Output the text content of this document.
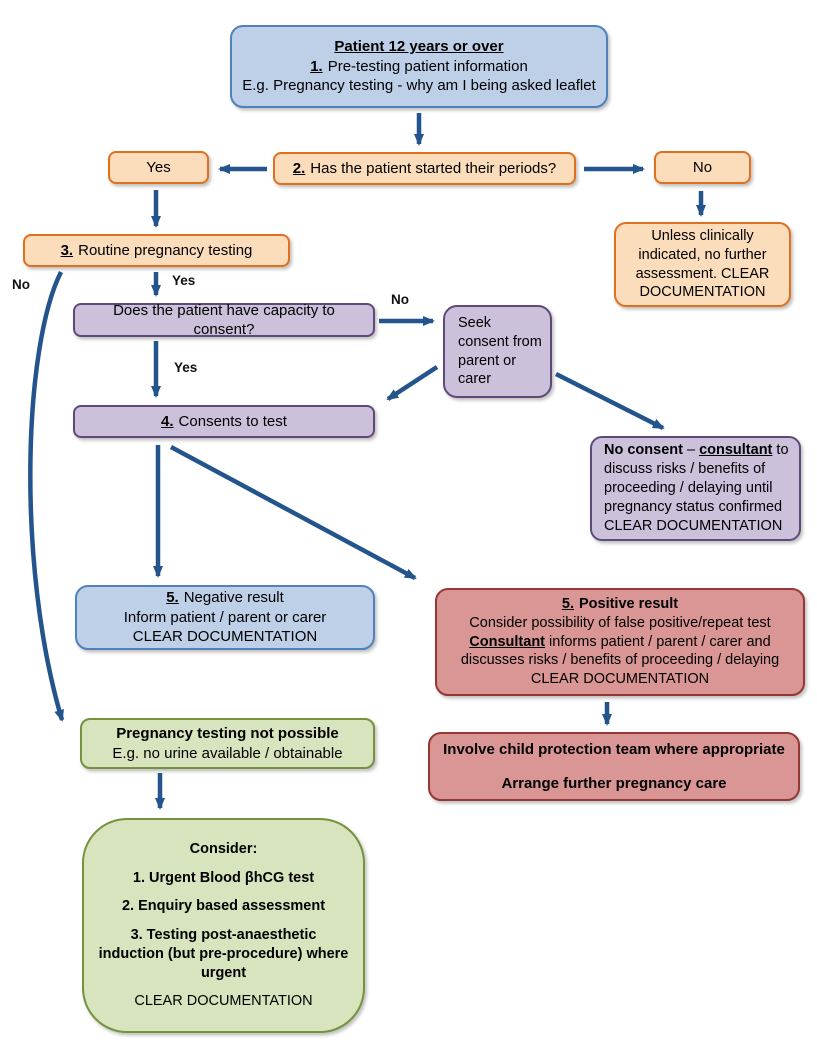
Patient 12 years or over
1. Pre-testing patient information
E.g. Pregnancy testing - why am I being asked leaflet
Yes	2. Has the patient started their periods?	No
3. Routine pregnancy testing
Unless clinically indicated, no further assessment. CLEAR DOCUMENTATION
Does the patient have capacity to consent?	Seek consent from parent or carer
4. Consents to test
No consent – consultant to discuss risks / benefits of proceeding / delaying until pregnancy status confirmed CLEAR DOCUMENTATION
5. Negative result
Inform patient / parent or carer
CLEAR DOCUMENTATION
5. Positive result
Consider possibility of false positive/repeat test
Consultant informs patient / parent / carer and discusses risks / benefits of proceeding / delaying
CLEAR DOCUMENTATION
Involve child protection team where appropriate
Arrange further pregnancy care
Pregnancy testing not possible
E.g. no urine available / obtainable
Consider:
1. Urgent Blood βhCG test
2. Enquiry based assessment
3. Testing post-anaesthetic induction (but pre-procedure) where urgent
CLEAR DOCUMENTATION
No	Yes
No
Yes
